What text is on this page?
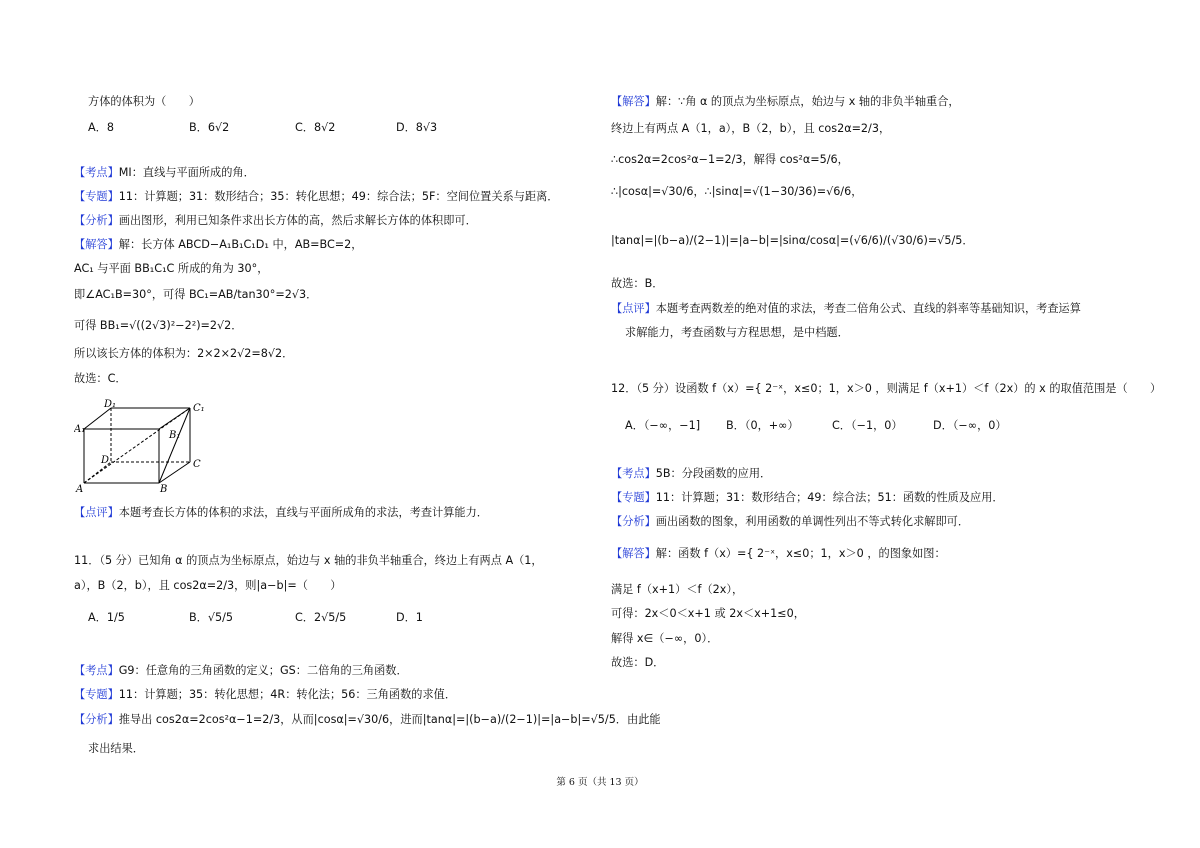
方体的体积为（　　）
A．8	B．6√2	C．8√2	D．8√3
【考点】MI：直线与平面所成的角．
【专题】11：计算题；31：数形结合；35：转化思想；49：综合法；5F：空间位置关系与距离．
【分析】画出图形，利用已知条件求出长方体的高，然后求解长方体的体积即可．
【解答】解：长方体 ABCD−A₁B₁C₁D₁ 中，AB=BC=2，
AC₁ 与平面 BB₁C₁C 所成的角为 30°，
即∠AC₁B=30°，可得 BC₁=AB/tan30°=2√3．
可得 BB₁=√((2√3)²−2²)=2√2．
所以该长方体的体积为：2×2×2√2=8√2．
故选：C．
D₁	C₁
A₁
B₁
D	C
A	B
【点评】本题考查长方体的体积的求法，直线与平面所成角的求法，考查计算能力．
11．（5 分）已知角 α 的顶点为坐标原点，始边与 x 轴的非负半轴重合，终边上有两点 A（1，
a），B（2，b），且 cos2α=2/3，则|a−b|=（　　）
A．1/5	B．√5/5	C．2√5/5	D．1
【考点】G9：任意角的三角函数的定义；GS：二倍角的三角函数．
【专题】11：计算题；35：转化思想；4R：转化法；56：三角函数的求值．
【分析】推导出 cos2α=2cos²α−1=2/3，从而|cosα|=√30/6，进而|tanα|=|(b−a)/(2−1)|=|a−b|=√5/5．由此能
求出结果．
【解答】解：∵角 α 的顶点为坐标原点，始边与 x 轴的非负半轴重合，
终边上有两点 A（1，a），B（2，b），且 cos2α=2/3，
∴cos2α=2cos²α−1=2/3，解得 cos²α=5/6，
∴|cosα|=√30/6，∴|sinα|=√(1−30/36)=√6/6，
|tanα|=|(b−a)/(2−1)|=|a−b|=|sinα/cosα|=(√6/6)/(√30/6)=√5/5．
故选：B．
【点评】本题考查两数差的绝对值的求法，考查二倍角公式、直线的斜率等基础知识，考查运算
求解能力，考查函数与方程思想，是中档题．
12．（5 分）设函数 f（x）={ 2⁻ˣ，x≤0；1，x＞0 ，则满足 f（x+1）＜f（2x）的 x 的取值范围是（　　）
A．（−∞，−1] B．（0，+∞）	C．（−1，0）	D．（−∞，0）
【考点】5B：分段函数的应用．
【专题】11：计算题；31：数形结合；49：综合法；51：函数的性质及应用．
【分析】画出函数的图象，利用函数的单调性列出不等式转化求解即可．
【解答】解：函数 f（x）={ 2⁻ˣ，x≤0；1，x＞0 ，的图象如图：
满足 f（x+1）＜f（2x），
可得：2x＜0＜x+1 或 2x＜x+1≤0，
解得 x∈（−∞，0）．
故选：D．
第 6 页（共 13 页）
